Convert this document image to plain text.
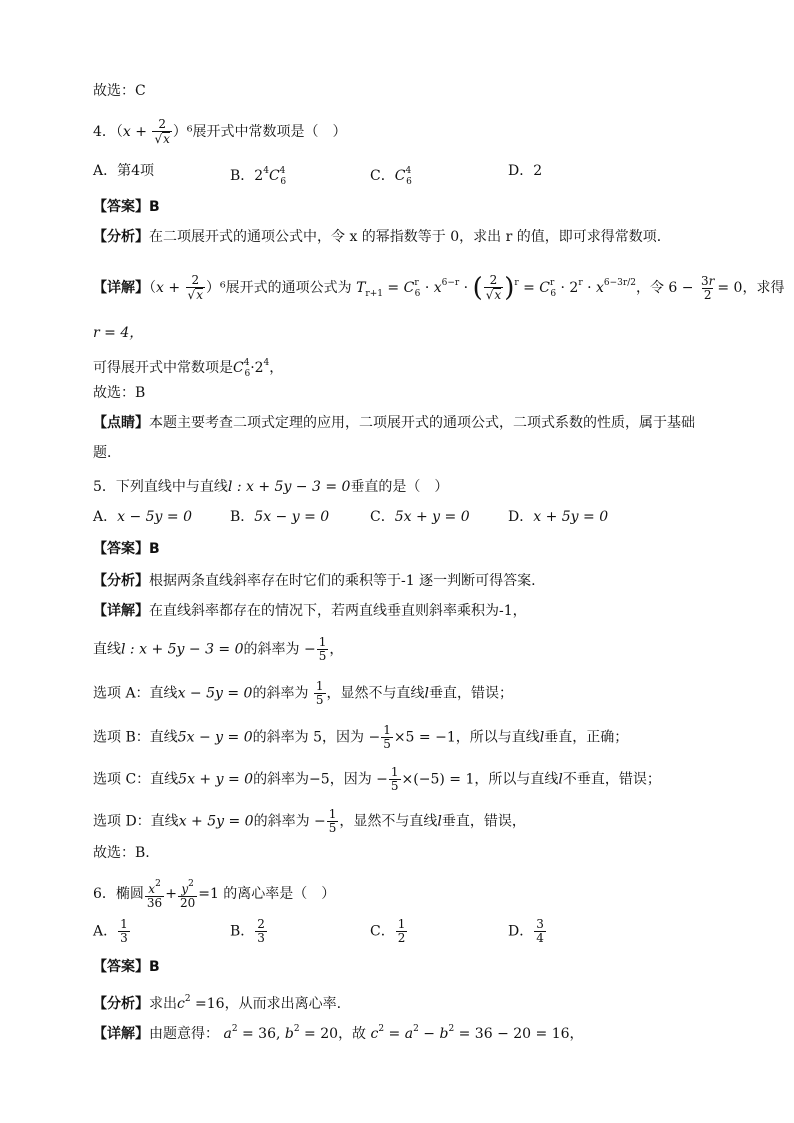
故选：C
4．$(x + \frac{2}{√x} )^6$展开式中常数项是（　）
A．第4项	B．$2^4C^4_6$	C．$C^4_6$
D．2
【答案】B
【分析】在二项展开式的通项公式中，令 x 的幂指数等于 0，求出 r 的值，即可求得常数项．
【详解】$(x + \frac{2}{√x} )^6$展开式的通项公式为 $T_{r+1} = C^r_6 \cdot x^{6-r}$ · ( $\frac{2}{√x} )^r = C^r_6 \cdot 2^r \cdot x^{6-3r/2}$，令 $6 - \frac{3r}{2} = 0$，求得
r = 4，
可得展开式中常数项是$C^4_6\cdot 2^4$，
故选：B
【点睛】本题主要考查二项式定理的应用，二项展开式的通项公式，二项式系数的性质，属于基础
题．
5．下列直线中与直线l : x + 5y − 3 = 0垂直的是（　）
A．x − 5y = 0	B．5x − y = 0	C．5x + y = 0	D．x + 5y = 0
【答案】B
【分析】根据两条直线斜率存在时它们的乘积等于-1 逐一判断可得答案.
【详解】在直线斜率都存在的情况下，若两直线垂直则斜率乘积为-1，
直线l : x + 5y − 3 = 0的斜率为 − $\frac{1}{5}$ ，
选项 A：直线x − 5y = 0的斜率为 $\frac{1}{5}$ ，显然不与直线l垂直，错误；
选项 B：直线5x − y = 0的斜率为 5，因为 − $\frac{1}{5} \times 5 = -1$，所以与直线l垂直，正确；
选项 C：直线5x + y = 0的斜率为−5，因为 − $\frac{1}{5} \times(-5) = 1$，所以与直线l不垂直，错误；
选项 D：直线x + 5y = 0的斜率为 − $\frac{1}{5}$ ，显然不与直线l垂直，错误，
故选：B.
6．椭圆 $\frac{x^2}{36} + \frac{y^2}{20} =1$ 的离心率是（　）
A． $\frac{1}{3}$	B． $\frac{2}{3}$	C． $\frac{1}{2}$	D． $\frac{3}{4}$
【答案】B
【分析】求出$c^2 =16$，从而求出离心率.
【详解】由题意得： $a^2 = 36$, $b^2 = 20$，故 $c^2 = a^2 - b^2 = 36 - 20 = 16$，
